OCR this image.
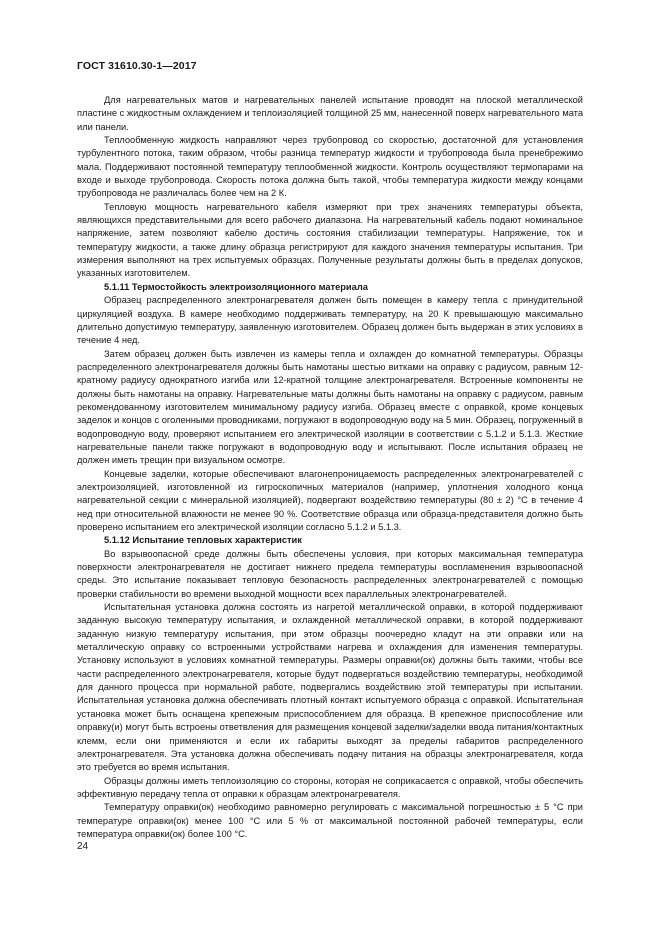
ГОСТ 31610.30-1—2017

Для нагревательных матов и нагревательных панелей испытание проводят на плоской металлической пластине с жидкостным охлаждением и теплоизоляцией толщиной 25 мм, нанесенной поверх нагревательного мата или панели.

Теплообменную жидкость направляют через трубопровод со скоростью, достаточной для установления турбулентного потока, таким образом, чтобы разница температур жидкости и трубопровода была пренебрежимо мала. Поддерживают постоянной температуру теплообменной жидкости. Контроль осуществляют термопарами на входе и выходе трубопровода. Скорость потока должна быть такой, чтобы температура жидкости между концами трубопровода не различалась более чем на 2 К.

Тепловую мощность нагревательного кабеля измеряют при трех значениях температуры объекта, являющихся представительными для всего рабочего диапазона. На нагревательный кабель подают номинальное напряжение, затем позволяют кабелю достичь состояния стабилизации температуры. Напряжение, ток и температуру жидкости, а также длину образца регистрируют для каждого значения температуры испытания. Три измерения выполняют на трех испытуемых образцах. Полученные результаты должны быть в пределах допусков, указанных изготовителем.

5.1.11 Термостойкость электроизоляционного материала

Образец распределенного электронагревателя должен быть помещен в камеру тепла с принудительной циркуляцией воздуха. В камере необходимо поддерживать температуру, на 20 К превышающую максимально длительно допустимую температуру, заявленную изготовителем. Образец должен быть выдержан в этих условиях в течение 4 нед.

Затем образец должен быть извлечен из камеры тепла и охлажден до комнатной температуры. Образцы распределенного электронагревателя должны быть намотаны шестью витками на оправку с радиусом, равным 12-кратному радиусу однократного изгиба или 12-кратной толщине электронагревателя. Встроенные компоненты не должны быть намотаны на оправку. Нагревательные маты должны быть намотаны на оправку с радиусом, равным рекомендованному изготовителем минимальному радиусу изгиба. Образец вместе с оправкой, кроме концевых заделок и концов с оголенными проводниками, погружают в водопроводную воду на 5 мин. Образец, погруженный в водопроводную воду, проверяют испытанием его электрической изоляции в соответствии с 5.1.2 и 5.1.3. Жесткие нагревательные панели также погружают в водопроводную воду и испытывают. После испытания образец не должен иметь трещин при визуальном осмотре.

Концевые заделки, которые обеспечивают влагонепроницаемость распределенных электронагревателей с электроизоляцией, изготовленной из гигроскопичных материалов (например, уплотнения холодного конца нагревательной секции с минеральной изоляцией), подвергают воздействию температуры (80 ± 2) °С в течение 4 нед при относительной влажности не менее 90 %. Соответствие образца или образца-представителя должно быть проверено испытанием его электрической изоляции согласно 5.1.2 и 5.1.3.

5.1.12 Испытание тепловых характеристик

Во взрывоопасной среде должны быть обеспечены условия, при которых максимальная температура поверхности электронагревателя не достигает нижнего предела температуры воспламенения взрывоопасной среды. Это испытание показывает тепловую безопасность распределенных электронагревателей с помощью проверки стабильности во времени выходной мощности всех параллельных электронагревателей.

Испытательная установка должна состоять из нагретой металлической оправки, в которой поддерживают заданную высокую температуру испытания, и охлажденной металлической оправки, в которой поддерживают заданную низкую температуру испытания, при этом образцы поочередно кладут на эти оправки или на металлическую оправку со встроенными устройствами нагрева и охлаждения для изменения температуры. Установку используют в условиях комнатной температуры. Размеры оправки(ок) должны быть такими, чтобы все части распределенного электронагревателя, которые будут подвергаться воздействию температуры, необходимой для данного процесса при нормальной работе, подвергались воздействию этой температуры при испытании. Испытательная установка должна обеспечивать плотный контакт испытуемого образца с оправкой. Испытательная установка может быть оснащена крепежным приспособлением для образца. В крепежное приспособление или оправку(и) могут быть встроены ответвления для размещения концевой заделки/заделки ввода питания/контактных клемм, если они применяются и если их габариты выходят за пределы габаритов распределенного электронагревателя. Эта установка должна обеспечивать подачу питания на образцы электронагревателя, когда это требуется во время испытания.

Образцы должны иметь теплоизоляцию со стороны, которая не соприкасается с оправкой, чтобы обеспечить эффективную передачу тепла от оправки к образцам электронагревателя.

Температуру оправки(ок) необходимо равномерно регулировать с максимальной погрешностью ± 5 °С при температуре оправки(ок) менее 100 °С или 5 % от максимальной постоянной рабочей температуры, если температура оправки(ок) более 100 °С.

24
